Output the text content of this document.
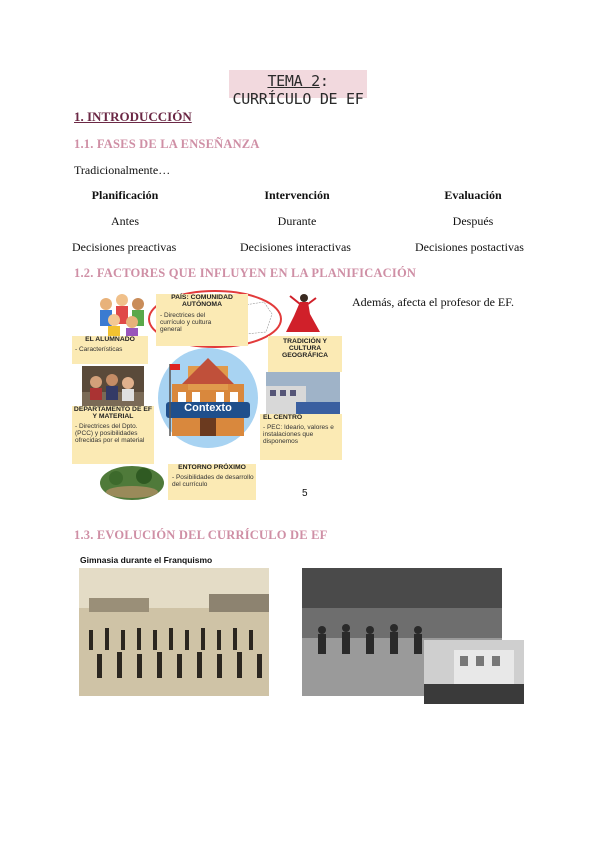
TEMA 2: CURRÍCULO DE EF
1. INTRODUCCIÓN
1.1. FASES DE LA ENSEÑANZA
Tradicionalmente…
Planificación	Intervención	Evaluación
Antes	Durante	Después
Decisiones preactivas	Decisiones interactivas	Decisiones postactivas
1.2. FACTORES QUE INFLUYEN EN LA PLANIFICACIÓN
EL ALUMNADO
- Características
PAÍS: COMUNIDAD AUTÓNOMA
- Directrices del currículo y cultura general
TRADICIÓN Y CULTURA GEOGRÁFICA
Contexto
DEPARTAMENTO DE EF Y MATERIAL
- Directrices del Dpto. (PCC) y posibilidades ofrecidas por el material
EL CENTRO
- PEC: Ideario, valores e instalaciones que disponemos
ENTORNO PRÓXIMO
- Posibilidades de desarrollo del currículo
5
Además, afecta el profesor de EF.
1.3. EVOLUCIÓN DEL CURRÍCULO DE EF
Gimnasia durante el Franquismo
